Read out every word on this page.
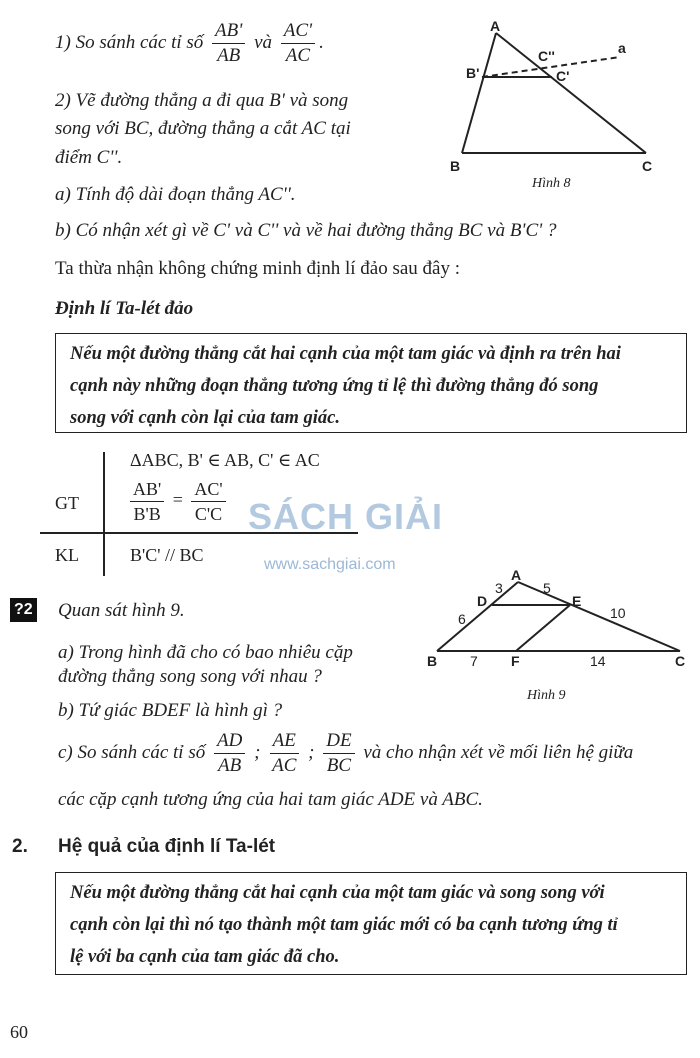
1) So sánh các tỉ số $\frac{AB'}{AB}$ và $\frac{AC'}{AC}$ .
2) Vẽ đường thẳng a đi qua B' và song
song với BC, đường thẳng a cắt AC tại
điểm C''.
a) Tính độ dài đoạn thẳng AC''.
b) Có nhận xét gì về C' và C'' và về hai đường thẳng BC và B'C' ?
Ta thừa nhận không chứng minh định lí đảo sau đây :
Định lí Ta-lét đảo
A
B	C
B'	C'
C''	a
Hình 8
Nếu một đường thẳng cắt hai cạnh của một tam giác và định ra trên hai
cạnh này những đoạn thẳng tương ứng tỉ lệ thì đường thẳng đó song
song với cạnh còn lại của tam giác.
GT
ΔABC, B' ∈ AB, C' ∈ AC
$\frac{AB'}{B'B} = \frac{AC'}{C'C}$
KL	B'C' // BC
SÁCH GIẢI
www.sachgiai.com
?2 Quan sát hình 9.
a) Trong hình đã cho có bao nhiêu cặp
đường thẳng song song với nhau ?
b) Tứ giác BDEF là hình gì ?
A
B	C
D	E
F
3	5
6	10
7	14
Hình 9
c) So sánh các tỉ số $\frac{AD}{AB}$ ; $\frac{AE}{AC}$ ; $\frac{DE}{BC}$ và cho nhận xét về mối liên hệ giữa
các cặp cạnh tương ứng của hai tam giác ADE và ABC.
2. Hệ quả của định lí Ta-lét
Nếu một đường thẳng cắt hai cạnh của một tam giác và song song với
cạnh còn lại thì nó tạo thành một tam giác mới có ba cạnh tương ứng tỉ
lệ với ba cạnh của tam giác đã cho.
60
